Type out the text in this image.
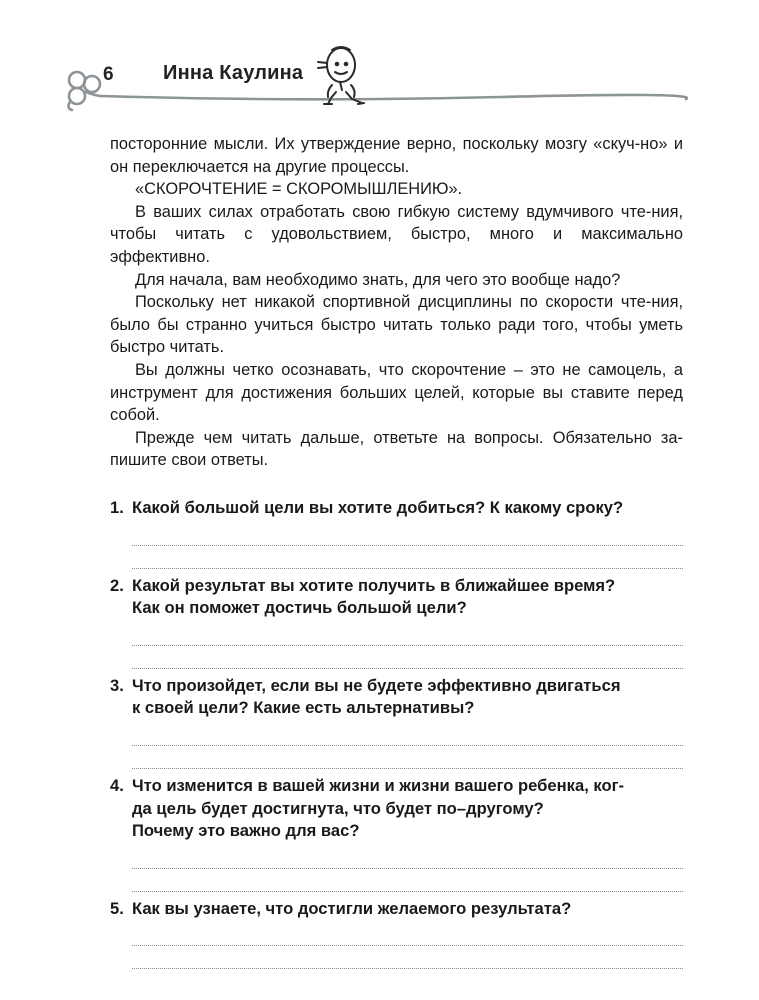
6 Инна Каулина

посторонние мысли. Их утверждение верно, поскольку мозгу «скуч-но» и он переключается на другие процессы.

«СКОРОЧТЕНИЕ = СКОРОМЫШЛЕНИЮ».

В ваших силах отработать свою гибкую систему вдумчивого чте-ния, чтобы читать с удовольствием, быстро, много и максимально эффективно.

Для начала, вам необходимо знать, для чего это вообще надо?

Поскольку нет никакой спортивной дисциплины по скорости чте-ния, было бы странно учиться быстро читать только ради того, чтобы уметь быстро читать.

Вы должны четко осознавать, что скорочтение – это не самоцель, а инструмент для достижения больших целей, которые вы ставите перед собой.

Прежде чем читать дальше, ответьте на вопросы. Обязательно за-пишите свои ответы.

1. Какой большой цели вы хотите добиться? К какому сроку?
2. Какой результат вы хотите получить в ближайшее время?
Как он поможет достичь большой цели?
3. Что произойдет, если вы не будете эффективно двигаться
к своей цели? Какие есть альтернативы?
4. Что изменится в вашей жизни и жизни вашего ребенка, ког-
да цель будет достигнута, что будет по–другому?
Почему это важно для вас?
5. Как вы узнаете, что достигли желаемого результата?
